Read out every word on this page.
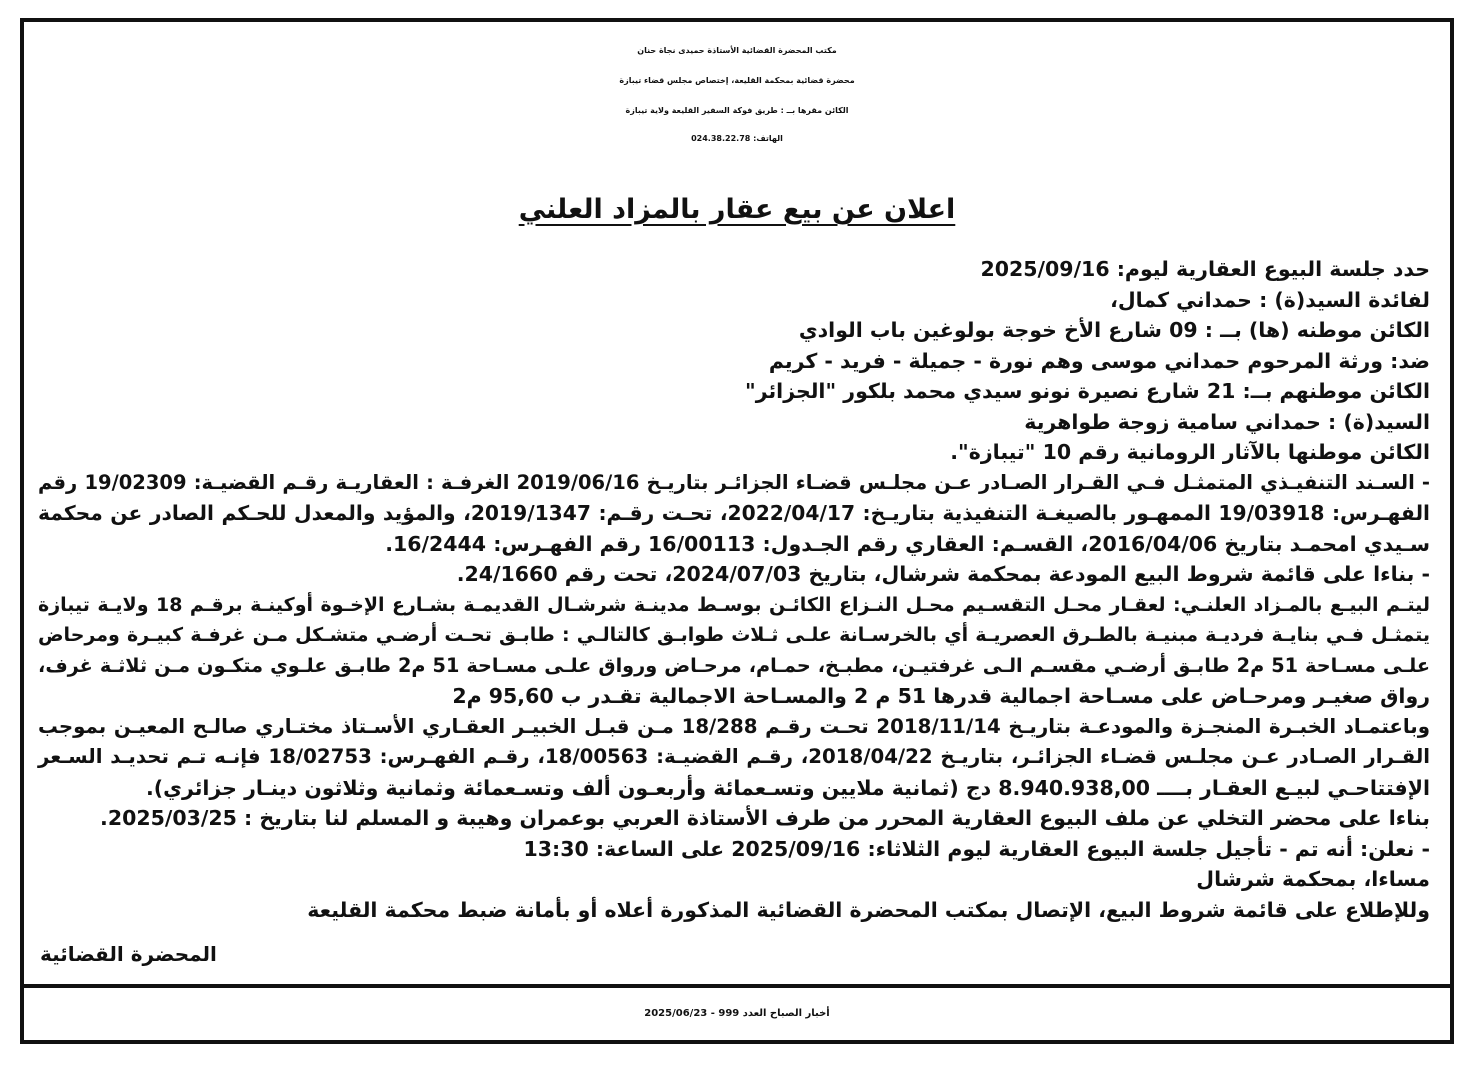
مكتب المحضرة القضائية الأستاذة حميدى نجاة حنان
محضرة قضائية بمحكمة القليعة، إختصاص مجلس قضاء تيبازة
الكائن مقرها بــ : طريق فوكة السفير القليعة ولاية تيبازة
الهاتف: 024.38.22.78
اعلان عن بيع عقار بالمزاد العلني
حدد جلسة البيوع العقارية ليوم: 2025/09/16
لفائدة السيد(ة) : حمداني كمال،
الكائن موطنه (ها) بــ : 09 شارع الأخ خوجة بولوغين باب الوادي
ضد: ورثة المرحوم حمداني موسى وهم نورة - جميلة - فريد - كريم
الكائن موطنهم بــ: 21 شارع نصيرة نونو سيدي محمد بلكور "الجزائر"
السيد(ة) : حمداني سامية زوجة طواهرية
الكائن موطنها بالآثار الرومانية رقم 10 "تيبازة".
- السـند التنفيـذي المتمثـل فـي القـرار الصـادر عـن مجلـس قضـاء الجزائـر بتاريـخ 2019/06/16 الغرفـة : العقاريـة رقـم القضيـة: 19/02309 رقم
الفهـرس: 19/03918 الممهـور بالصيغـة التنفيذية بتاريـخ: 2022/04/17، تحـت رقـم: 2019/1347، والمؤيد والمعدل للحـكم الصادر عن محكمة
سـيدي امحمـد بتاريخ 2016/04/06، القسـم: العقاري رقم الجـدول: 16/00113 رقم الفهـرس: 16/2444.
- بناءا على قائمة شروط البيع المودعة بمحكمة شرشال، بتاريخ 2024/07/03، تحت رقم 24/1660.
ليتـم البيـع بالمـزاد العلنـي: لعقـار محـل التقسـيم محـل النـزاع الكائـن بوسـط مدينـة شرشـال القديمـة بشـارع الإخـوة أوكينـة برقـم 18 ولايـة تيبازة
يتمثـل فـي بنايـة فرديـة مبنيـة بالطـرق العصريـة أي بالخرسـانة علـى ثـلاث طوابـق كالتالـي : طابـق تحـت أرضـي متشـكل مـن غرفـة كبيـرة ومرحاض
علـى مسـاحة 51 م2 طابـق أرضـي مقسـم الـى غرفتيـن، مطبـخ، حمـام، مرحـاض ورواق علـى مسـاحة 51 م2 طابـق علـوي متكـون مـن ثلاثـة غرف،
رواق صغيـر ومرحـاض على مسـاحة اجمالية قدرها 51 م 2 والمسـاحة الاجمالية تقـدر ب 95,60 م2
وباعتمـاد الخبـرة المنجـزة والمودعـة بتاريـخ 2018/11/14 تحـت رقـم 18/288 مـن قبـل الخبيـر العقـاري الأسـتاذ مختـاري صالـح المعيـن بموجب
القـرار الصـادر عـن مجلـس قضـاء الجزائـر، بتاريـخ 2018/04/22، رقـم القضيـة: 18/00563، رقـم الفهـرس: 18/02753 فإنـه تـم تحديـد السـعر
الإفتتاحـي لبيـع العقـار بــــ 8.940.938,00 دج (ثمانية ملايين وتسـعمائة وأربعـون ألف وتسـعمائة وثمانية وثلاثون دينـار جزائري).
بناءا على محضر التخلي عن ملف البيوع العقارية المحرر من طرف الأستاذة العربي بوعمران وهيبة و المسلم لنا بتاريخ : 2025/03/25.
- نعلن: أنه تم - تأجيل جلسة البيوع العقارية ليوم الثلاثاء: 2025/09/16 على الساعة: 13:30
مساءا، بمحكمة شرشال
وللإطلاع على قائمة شروط البيع، الإتصال بمكتب المحضرة القضائية المذكورة أعلاه أو بأمانة ضبط محكمة القليعة
المحضرة القضائية
أخبار الصباح العدد 999 - 2025/06/23
